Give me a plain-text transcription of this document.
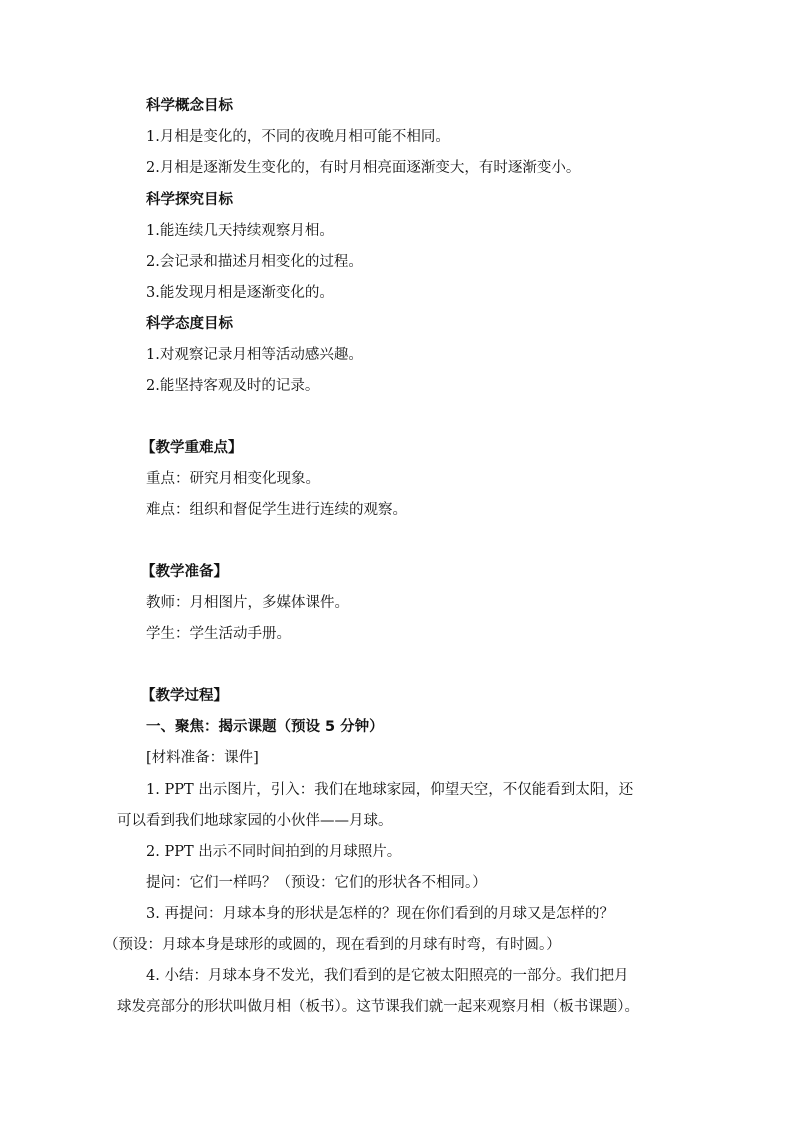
科学概念目标
1.月相是变化的，不同的夜晚月相可能不相同。
2.月相是逐渐发生变化的，有时月相亮面逐渐变大，有时逐渐变小。
科学探究目标
1.能连续几天持续观察月相。
2.会记录和描述月相变化的过程。
3.能发现月相是逐渐变化的。
科学态度目标
1.对观察记录月相等活动感兴趣。
2.能坚持客观及时的记录。
【教学重难点】
重点：研究月相变化现象。
难点：组织和督促学生进行连续的观察。
【教学准备】
教师：月相图片，多媒体课件。
学生：学生活动手册。
【教学过程】
一、聚焦：揭示课题（预设 5 分钟）
[材料准备：课件]
1. PPT 出示图片，引入：我们在地球家园，仰望天空，不仅能看到太阳，还
可以看到我们地球家园的小伙伴——月球。
2. PPT 出示不同时间拍到的月球照片。
提问：它们一样吗？（预设：它们的形状各不相同。）
3. 再提问：月球本身的形状是怎样的？现在你们看到的月球又是怎样的？
（预设：月球本身是球形的或圆的，现在看到的月球有时弯，有时圆。）
4. 小结：月球本身不发光，我们看到的是它被太阳照亮的一部分。我们把月
球发亮部分的形状叫做月相（板书）。这节课我们就一起来观察月相（板书课题）。
